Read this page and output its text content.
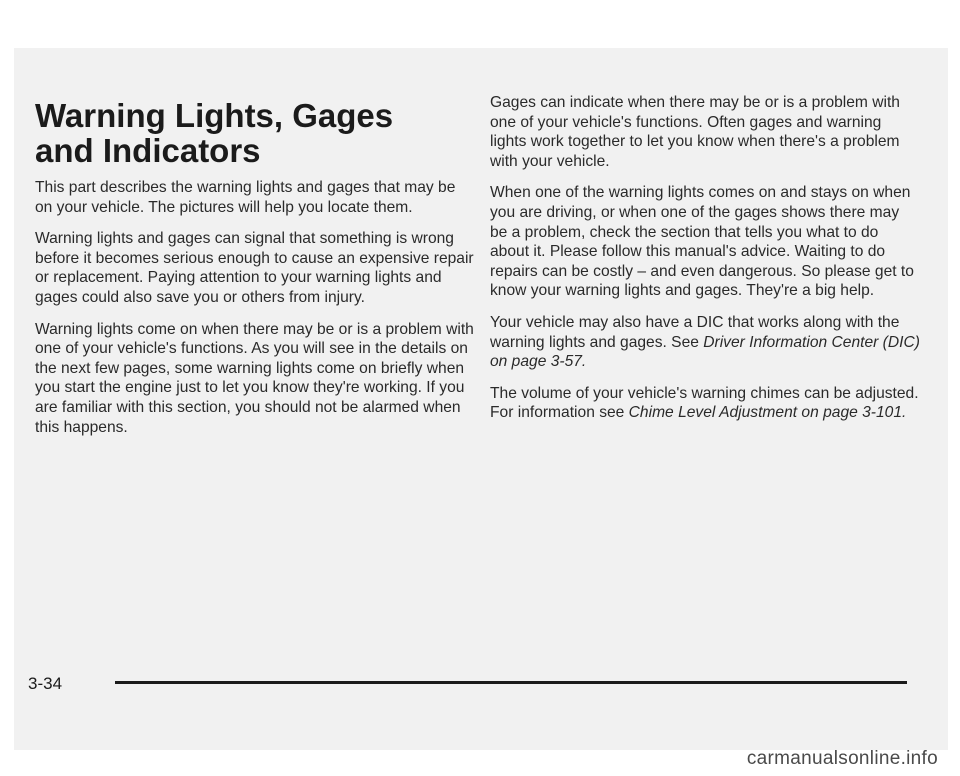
Warning Lights, Gages and Indicators

This part describes the warning lights and gages that may be on your vehicle. The pictures will help you locate them.

Warning lights and gages can signal that something is wrong before it becomes serious enough to cause an expensive repair or replacement. Paying attention to your warning lights and gages could also save you or others from injury.

Warning lights come on when there may be or is a problem with one of your vehicle's functions. As you will see in the details on the next few pages, some warning lights come on briefly when you start the engine just to let you know they're working. If you are familiar with this section, you should not be alarmed when this happens.

Gages can indicate when there may be or is a problem with one of your vehicle's functions. Often gages and warning lights work together to let you know when there's a problem with your vehicle.

When one of the warning lights comes on and stays on when you are driving, or when one of the gages shows there may be a problem, check the section that tells you what to do about it. Please follow this manual's advice. Waiting to do repairs can be costly – and even dangerous. So please get to know your warning lights and gages. They're a big help.

Your vehicle may also have a DIC that works along with the warning lights and gages. See Driver Information Center (DIC) on page 3-57.

The volume of your vehicle's warning chimes can be adjusted. For information see Chime Level Adjustment on page 3-101.

3-34
carmanualsonline.info
